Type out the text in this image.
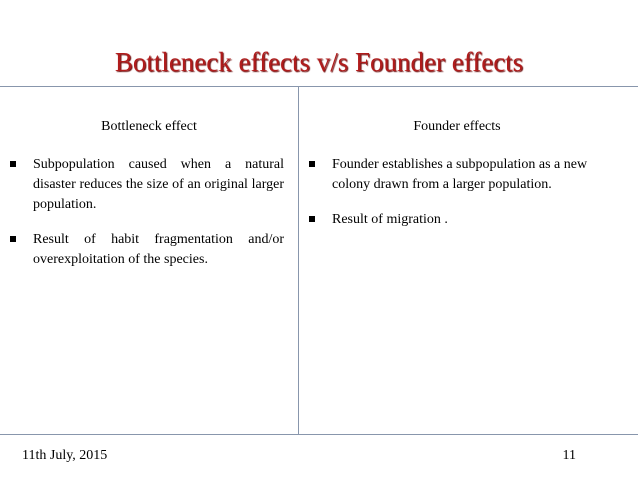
Bottleneck effects v/s Founder effects
Bottleneck effect
Subpopulation caused when a natural disaster reduces the size of an original larger population.
Result of habit fragmentation and/or overexploitation of the species.
Founder effects
Founder establishes a subpopulation as a new colony drawn from a larger population.
Result of migration .
11th July, 2015	11
